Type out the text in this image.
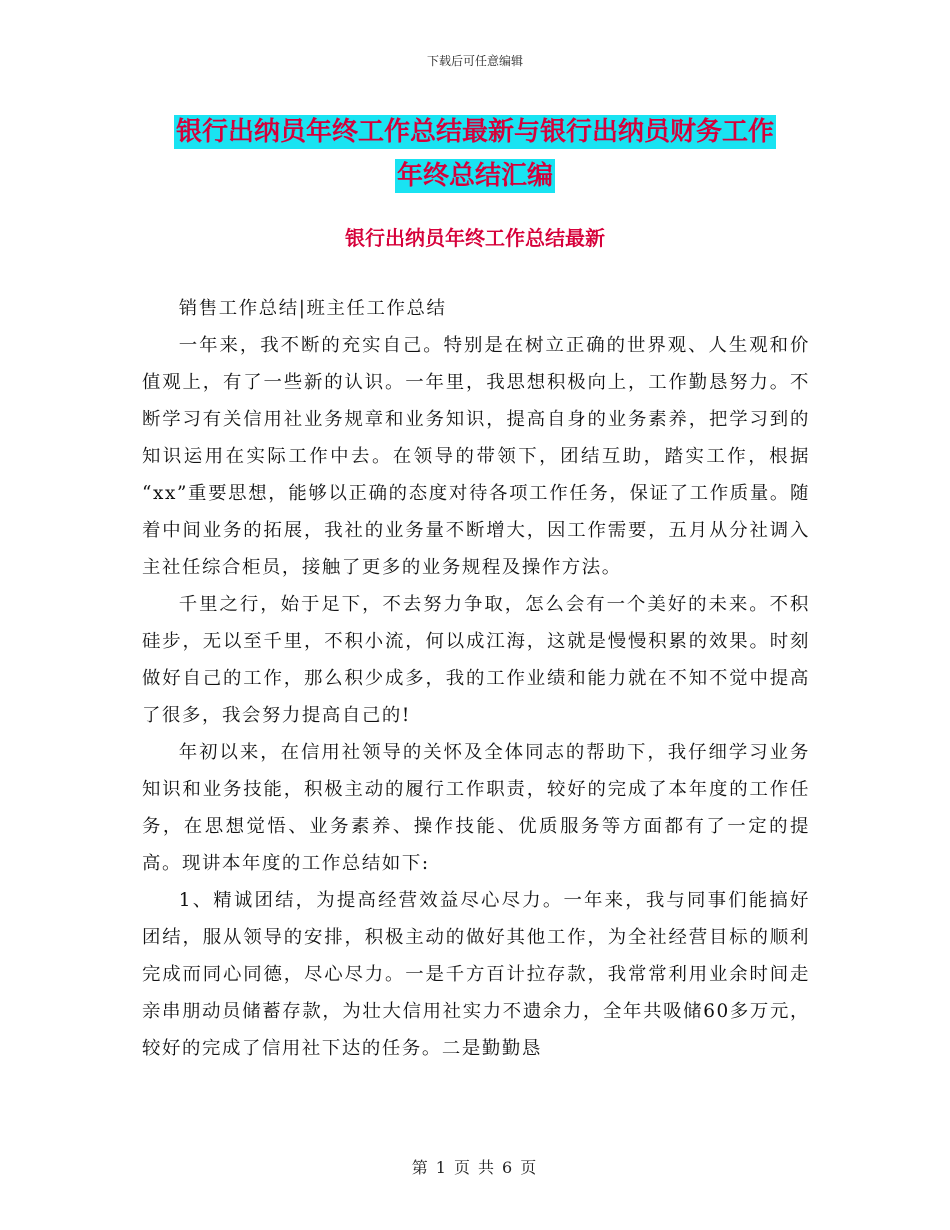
下载后可任意编辑
银行出纳员年终工作总结最新与银行出纳员财务工作年终总结汇编
银行出纳员年终工作总结最新

销售工作总结|班主任工作总结

一年来，我不断的充实自己。特别是在树立正确的世界观、人生观和价值观上，有了一些新的认识。一年里，我思想积极向上，工作勤恳努力。不断学习有关信用社业务规章和业务知识，提高自身的业务素养，把学习到的知识运用在实际工作中去。在领导的带领下，团结互助，踏实工作，根据 “xx”重要思想，能够以正确的态度对待各项工作任务，保证了工作质量。随着中间业务的拓展，我社的业务量不断增大，因工作需要，五月从分社调入主社任综合柜员，接触了更多的业务规程及操作方法。

千里之行，始于足下，不去努力争取，怎么会有一个美好的未来。不积硅步，无以至千里，不积小流，何以成江海，这就是慢慢积累的效果。时刻做好自己的工作，那么积少成多，我的工作业绩和能力就在不知不觉中提高了很多，我会努力提高自己的!

年初以来，在信用社领导的关怀及全体同志的帮助下，我仔细学习业务知识和业务技能，积极主动的履行工作职责，较好的完成了本年度的工作任务，在思想觉悟、业务素养、操作技能、优质服务等方面都有了一定的提高。现讲本年度的工作总结如下:

1、精诚团结，为提高经营效益尽心尽力。一年来，我与同事们能搞好团结，服从领导的安排，积极主动的做好其他工作，为全社经营目标的顺利完成而同心同德，尽心尽力。一是千方百计拉存款，我常常利用业余时间走亲串朋动员储蓄存款，为壮大信用社实力不遗余力，全年共吸储60多万元，较好的完成了信用社下达的任务。二是勤勤恳

第 1 页 共 6 页
